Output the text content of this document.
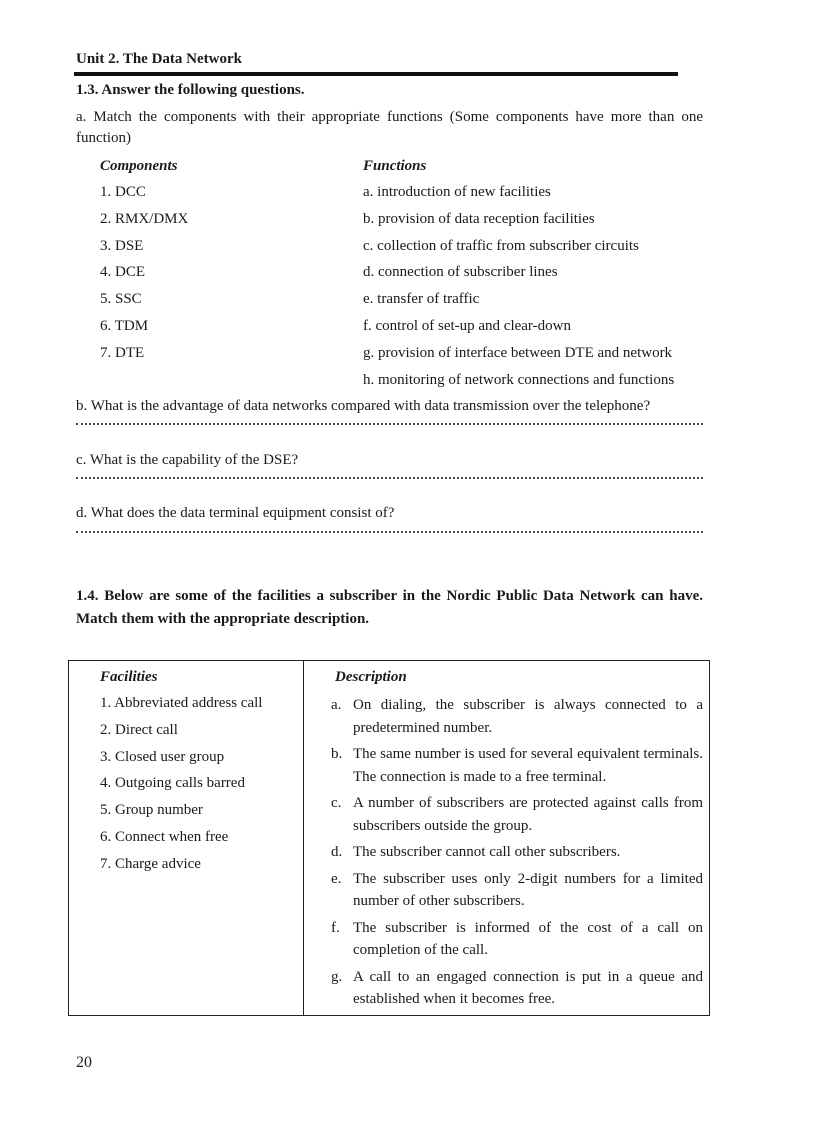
Unit 2. The Data Network
1.3. Answer the following questions.
a. Match the components with their appropriate functions (Some components have more than one function)
Components	Functions
1. DCC
2. RMX/DMX
3. DSE
4. DCE
5. SSC
6. TDM
7. DTE
a. introduction of new facilities
b. provision of data reception facilities
c. collection of traffic from subscriber circuits
d. connection of subscriber lines
e. transfer of traffic
f. control of set-up and clear-down
g. provision of interface between DTE and network
h. monitoring of network connections and functions
b. What is the advantage of data networks compared with data transmission over the telephone?
c. What is the capability of the DSE?
d. What does the data terminal equipment consist of?
1.4. Below are some of the facilities a subscriber in the Nordic Public Data Network can have. Match them with the appropriate description.
Facilities
1. Abbreviated address call
2. Direct call
3. Closed user group
4. Outgoing calls barred
5. Group number
6. Connect when free
7. Charge advice
Description
a. On dialing, the subscriber is always connected to a predetermined number.
b. The same number is used for several equivalent terminals. The connection is made to a free terminal.
c. A number of subscribers are protected against calls from subscribers outside the group.
d. The subscriber cannot call other subscribers.
e. The subscriber uses only 2-digit numbers for a limited number of other subscribers.
f. The subscriber is informed of the cost of a call on completion of the call.
g. A call to an engaged connection is put in a queue and established when it becomes free.
20
